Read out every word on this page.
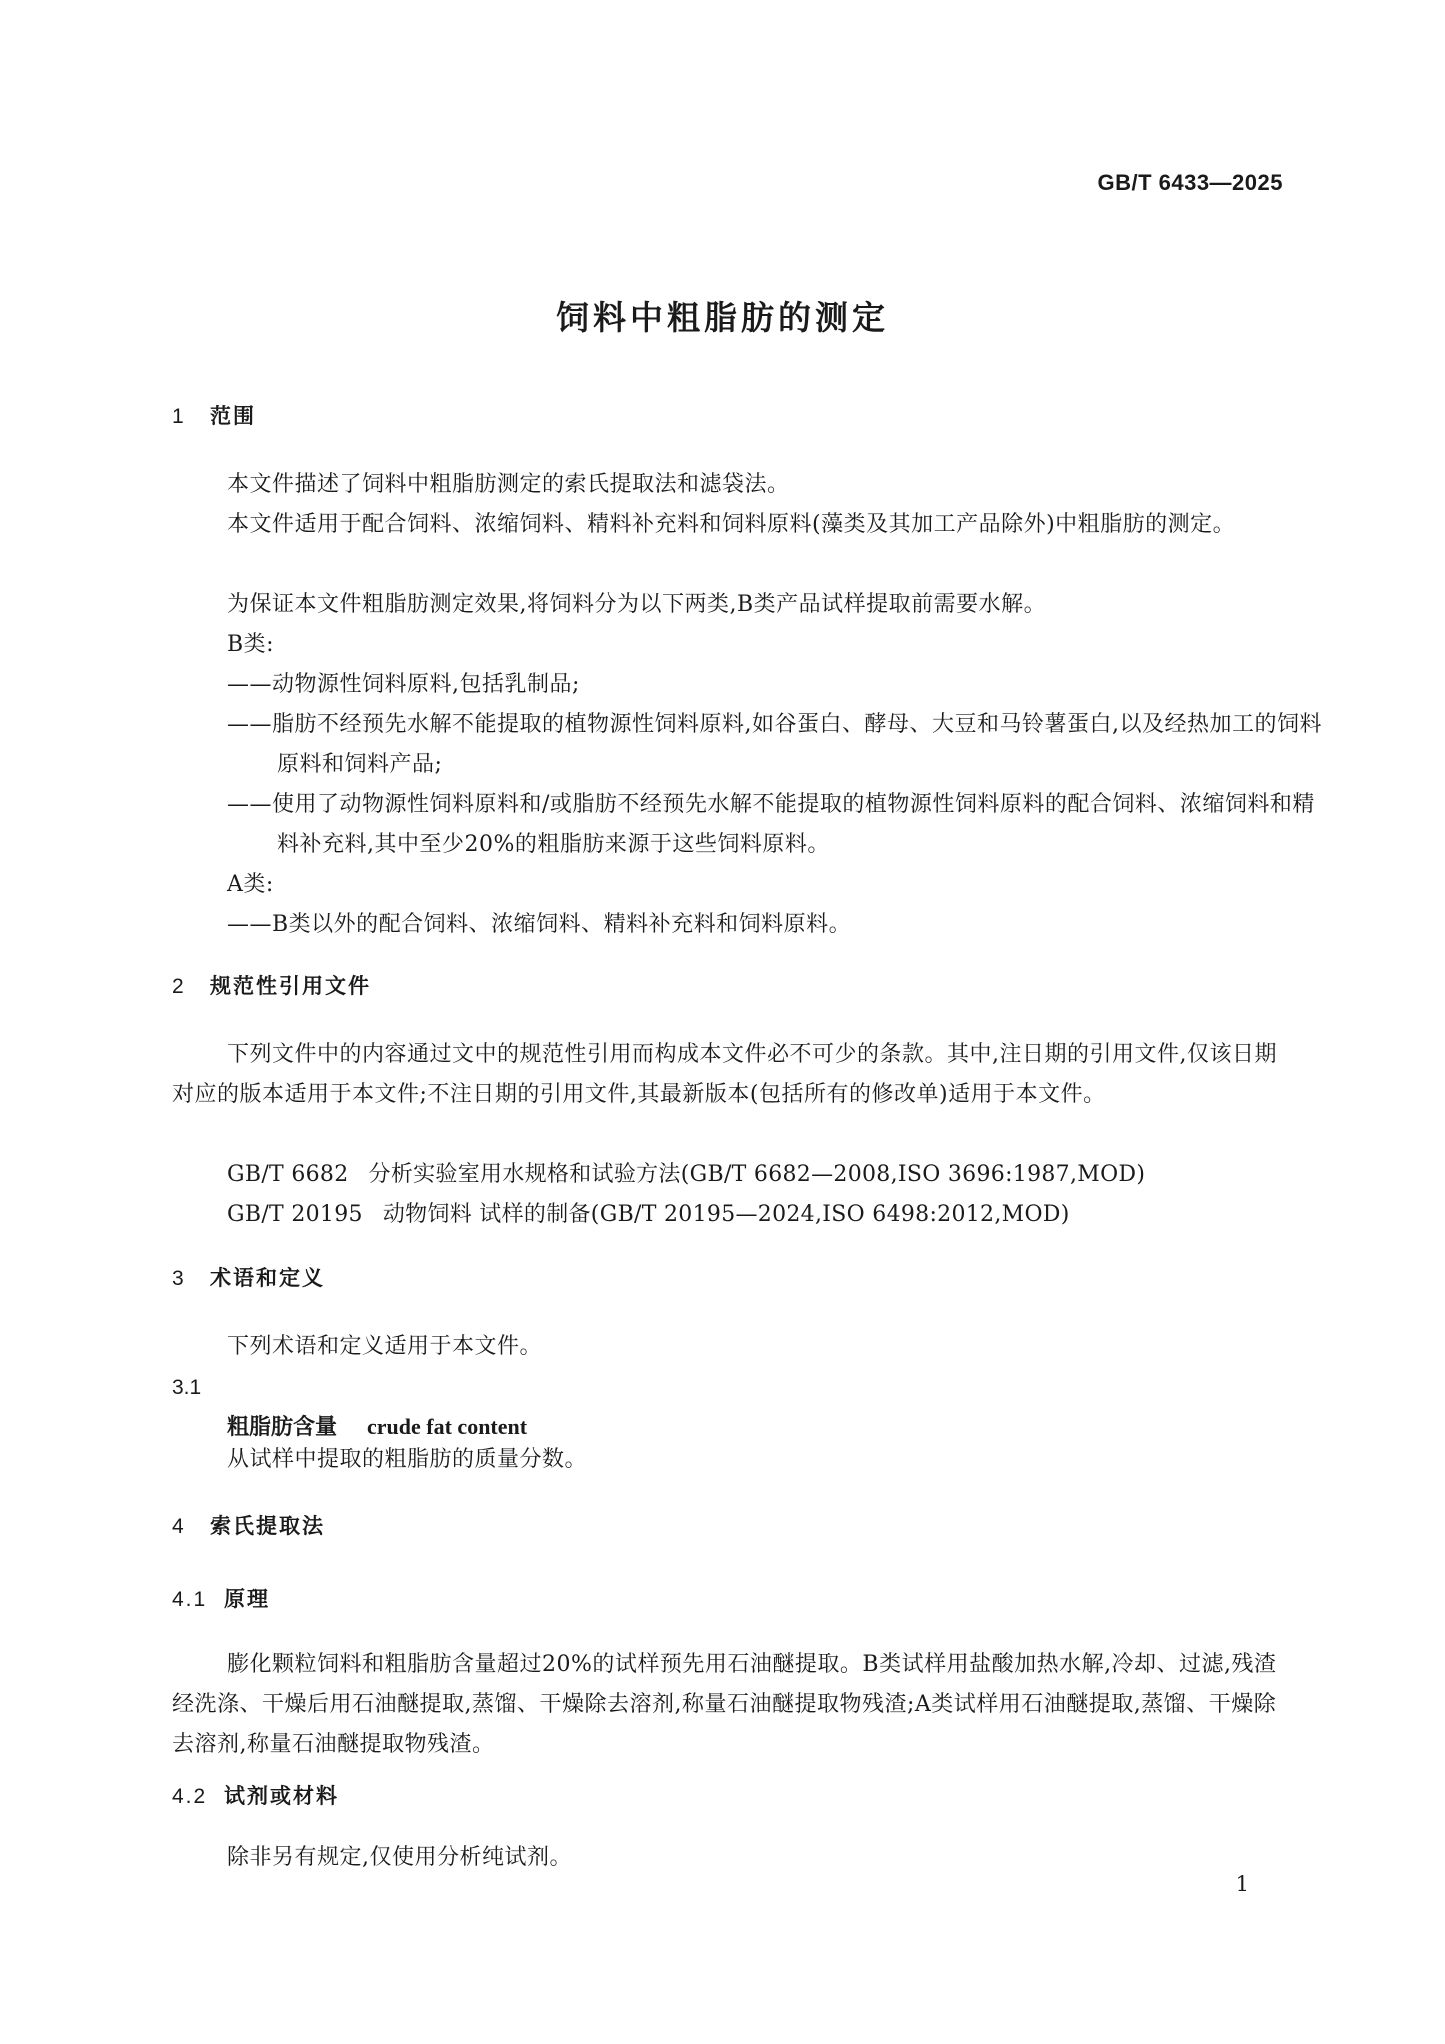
GB/T 6433—2025
饲料中粗脂肪的测定
1 范围
本文件描述了饲料中粗脂肪测定的索氏提取法和滤袋法。
本文件适用于配合饲料、浓缩饲料、精料补充料和饲料原料(藻类及其加工产品除外)中粗脂肪的测定。
为保证本文件粗脂肪测定效果,将饲料分为以下两类,B类产品试样提取前需要水解。
B类:
——动物源性饲料原料,包括乳制品;
——脂肪不经预先水解不能提取的植物源性饲料原料,如谷蛋白、酵母、大豆和马铃薯蛋白,以及经热加工的饲料原料和饲料产品;
——使用了动物源性饲料原料和/或脂肪不经预先水解不能提取的植物源性饲料原料的配合饲料、浓缩饲料和精料补充料,其中至少20%的粗脂肪来源于这些饲料原料。
A类:
——B类以外的配合饲料、浓缩饲料、精料补充料和饲料原料。
2 规范性引用文件
下列文件中的内容通过文中的规范性引用而构成本文件必不可少的条款。其中,注日期的引用文件,仅该日期对应的版本适用于本文件;不注日期的引用文件,其最新版本(包括所有的修改单)适用于本文件。
GB/T 6682 分析实验室用水规格和试验方法(GB/T 6682—2008,ISO 3696:1987,MOD)
GB/T 20195 动物饲料 试样的制备(GB/T 20195—2024,ISO 6498:2012,MOD)
3 术语和定义
下列术语和定义适用于本文件。
3.1
粗脂肪含量 crude fat content
从试样中提取的粗脂肪的质量分数。
4 索氏提取法
4.1 原理
膨化颗粒饲料和粗脂肪含量超过20%的试样预先用石油醚提取。B类试样用盐酸加热水解,冷却、过滤,残渣经洗涤、干燥后用石油醚提取,蒸馏、干燥除去溶剂,称量石油醚提取物残渣;A类试样用石油醚提取,蒸馏、干燥除去溶剂,称量石油醚提取物残渣。
4.2 试剂或材料
除非另有规定,仅使用分析纯试剂。
1
